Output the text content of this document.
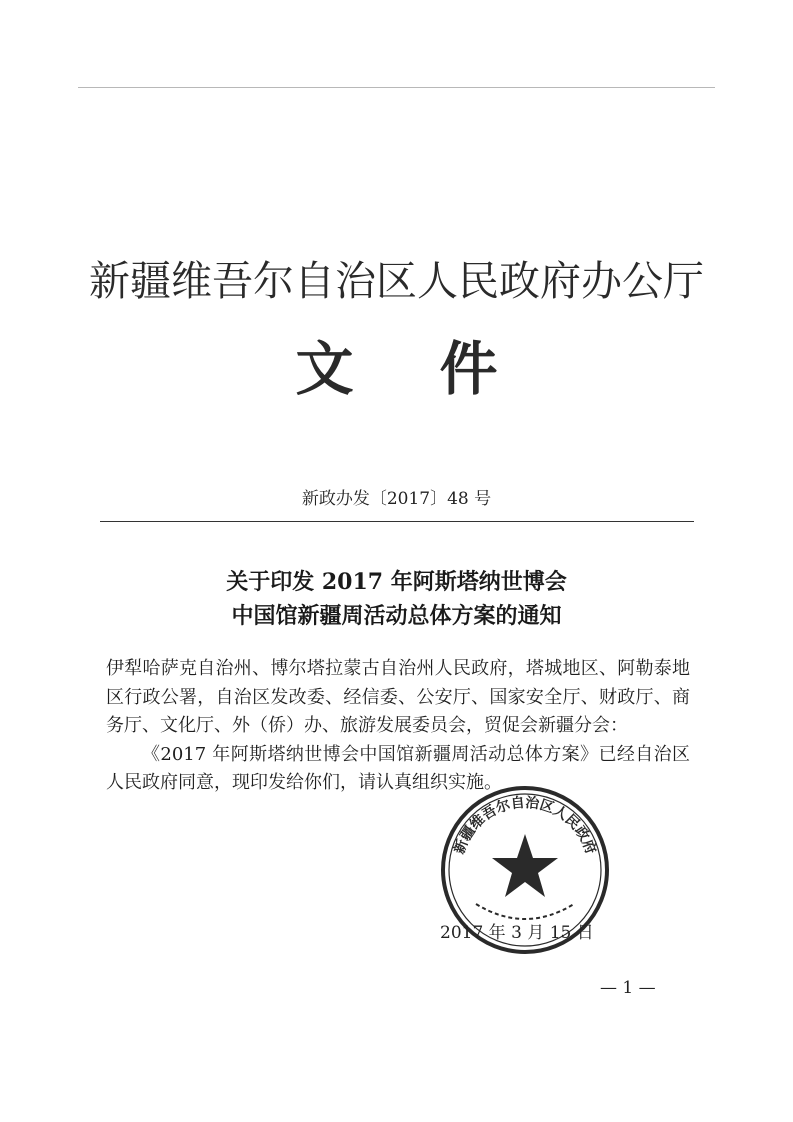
新疆维吾尔自治区人民政府办公厅
文件
新政办发〔2017〕48 号
关于印发 2017 年阿斯塔纳世博会
中国馆新疆周活动总体方案的通知

伊犁哈萨克自治州、博尔塔拉蒙古自治州人民政府，塔城地区、阿勒泰地区行政公署，自治区发改委、经信委、公安厅、国家安全厅、财政厅、商务厅、文化厅、外（侨）办、旅游发展委员会，贸促会新疆分会：

《2017 年阿斯塔纳世博会中国馆新疆周活动总体方案》已经自治区人民政府同意，现印发给你们，请认真组织实施。

新疆维吾尔自治区人民政府
2017 年 3 月 15 日
— 1 —
